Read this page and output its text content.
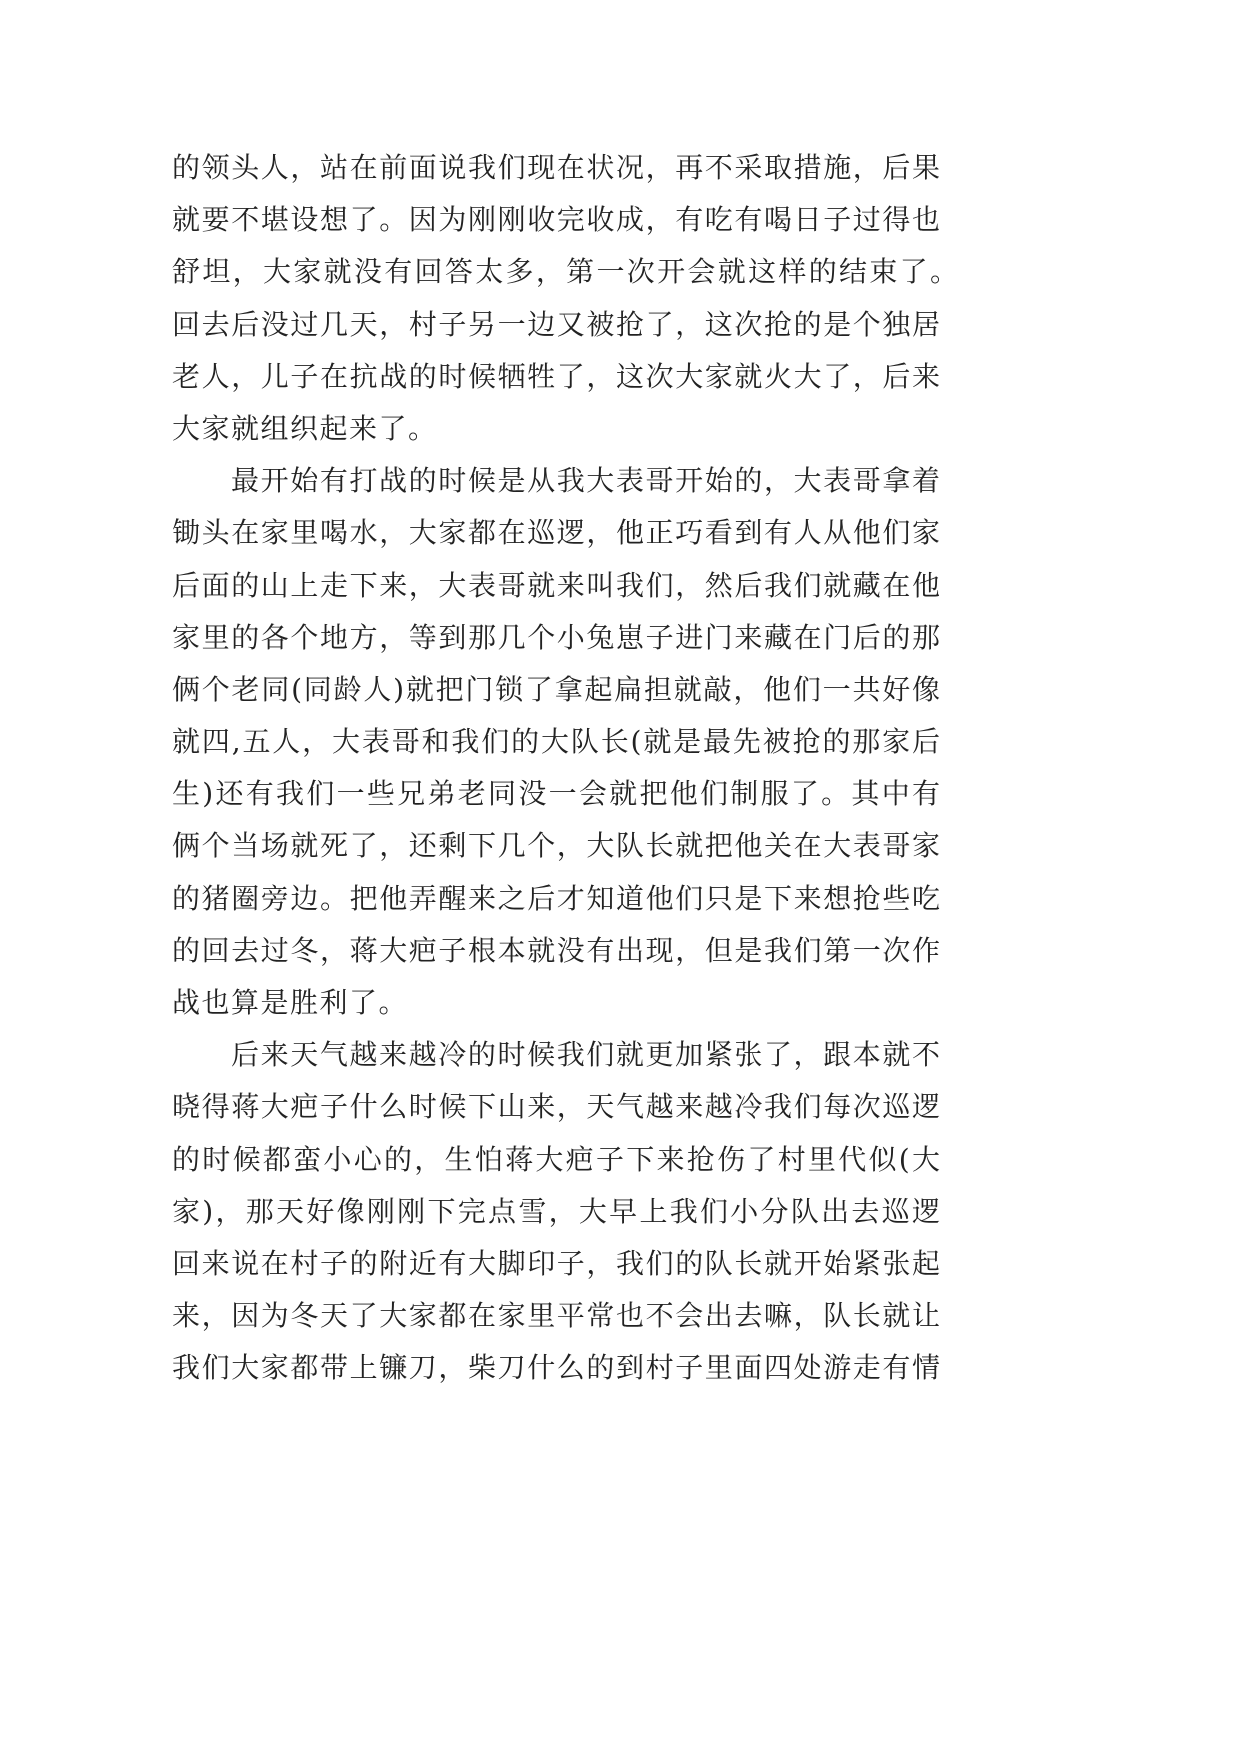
的领头人，站在前面说我们现在状况，再不采取措施，后果
就要不堪设想了。因为刚刚收完收成，有吃有喝日子过得也
舒坦，大家就没有回答太多，第一次开会就这样的结束了。
回去后没过几天，村子另一边又被抢了，这次抢的是个独居
老人，儿子在抗战的时候牺牲了，这次大家就火大了，后来
大家就组织起来了。
最开始有打战的时候是从我大表哥开始的，大表哥拿着
锄头在家里喝水，大家都在巡逻，他正巧看到有人从他们家
后面的山上走下来，大表哥就来叫我们，然后我们就藏在他
家里的各个地方，等到那几个小兔崽子进门来藏在门后的那
俩个老同(同龄人)就把门锁了拿起扁担就敲，他们一共好像
就四,五人，大表哥和我们的大队长(就是最先被抢的那家后
生)还有我们一些兄弟老同没一会就把他们制服了。其中有
俩个当场就死了，还剩下几个，大队长就把他关在大表哥家
的猪圈旁边。把他弄醒来之后才知道他们只是下来想抢些吃
的回去过冬，蒋大疤子根本就没有出现，但是我们第一次作
战也算是胜利了。
后来天气越来越冷的时候我们就更加紧张了，跟本就不
晓得蒋大疤子什么时候下山来，天气越来越冷我们每次巡逻
的时候都蛮小心的，生怕蒋大疤子下来抢伤了村里代似(大
家)，那天好像刚刚下完点雪，大早上我们小分队出去巡逻
回来说在村子的附近有大脚印子，我们的队长就开始紧张起
来，因为冬天了大家都在家里平常也不会出去嘛，队长就让
我们大家都带上镰刀，柴刀什么的到村子里面四处游走有情
